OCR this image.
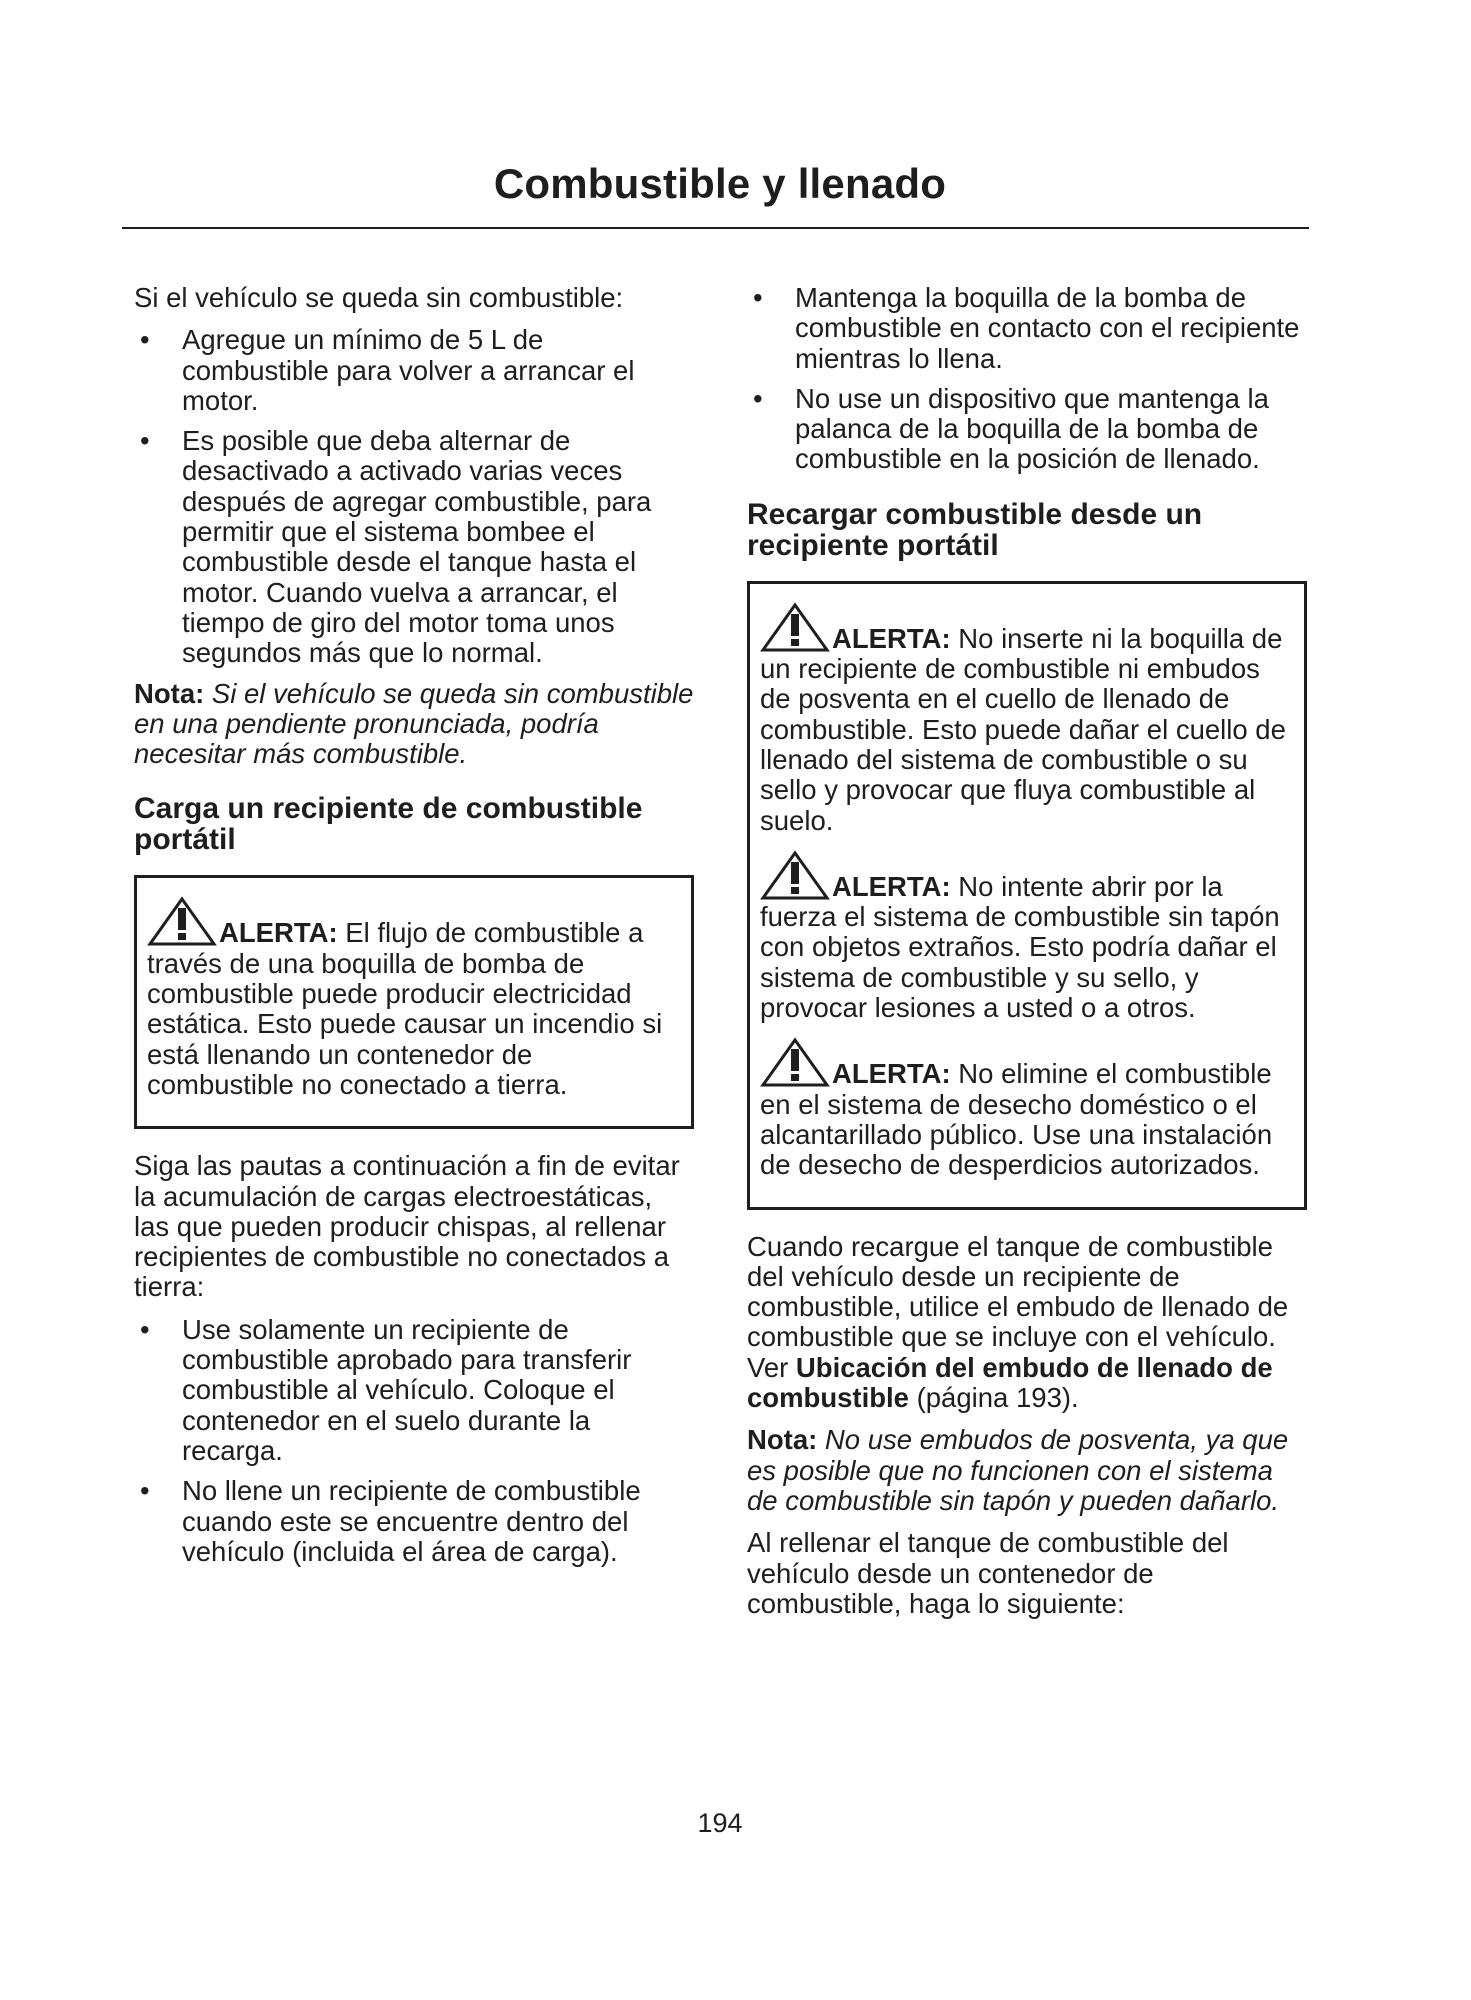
Combustible y llenado

Si el vehículo se queda sin combustible:

• Agregue un mínimo de 5 L de combustible para volver a arrancar el motor.
• Es posible que deba alternar de desactivado a activado varias veces después de agregar combustible, para permitir que el sistema bombee el combustible desde el tanque hasta el motor. Cuando vuelva a arrancar, el tiempo de giro del motor toma unos segundos más que lo normal.

Nota: Si el vehículo se queda sin combustible en una pendiente pronunciada, podría necesitar más combustible.

Carga un recipiente de combustible portátil
ALERTA: El flujo de combustible a través de una boquilla de bomba de combustible puede producir electricidad estática. Esto puede causar un incendio si está llenando un contenedor de combustible no conectado a tierra.

Siga las pautas a continuación a fin de evitar la acumulación de cargas electroestáticas, las que pueden producir chispas, al rellenar recipientes de combustible no conectados a tierra:

• Use solamente un recipiente de combustible aprobado para transferir combustible al vehículo. Coloque el contenedor en el suelo durante la recarga.
• No llene un recipiente de combustible cuando este se encuentre dentro del vehículo (incluida el área de carga).
• Mantenga la boquilla de la bomba de combustible en contacto con el recipiente mientras lo llena.
• No use un dispositivo que mantenga la palanca de la boquilla de la bomba de combustible en la posición de llenado.
Recargar combustible desde un recipiente portátil
ALERTA: No inserte ni la boquilla de un recipiente de combustible ni embudos de posventa en el cuello de llenado de combustible. Esto puede dañar el cuello de llenado del sistema de combustible o su sello y provocar que fluya combustible al suelo.
ALERTA: No intente abrir por la fuerza el sistema de combustible sin tapón con objetos extraños. Esto podría dañar el sistema de combustible y su sello, y provocar lesiones a usted o a otros.
ALERTA: No elimine el combustible en el sistema de desecho doméstico o el alcantarillado público. Use una instalación de desecho de desperdicios autorizados.

Cuando recargue el tanque de combustible del vehículo desde un recipiente de combustible, utilice el embudo de llenado de combustible que se incluye con el vehículo. Ver Ubicación del embudo de llenado de combustible (página 193).

Nota: No use embudos de posventa, ya que es posible que no funcionen con el sistema de combustible sin tapón y pueden dañarlo.

Al rellenar el tanque de combustible del vehículo desde un contenedor de combustible, haga lo siguiente:

194
